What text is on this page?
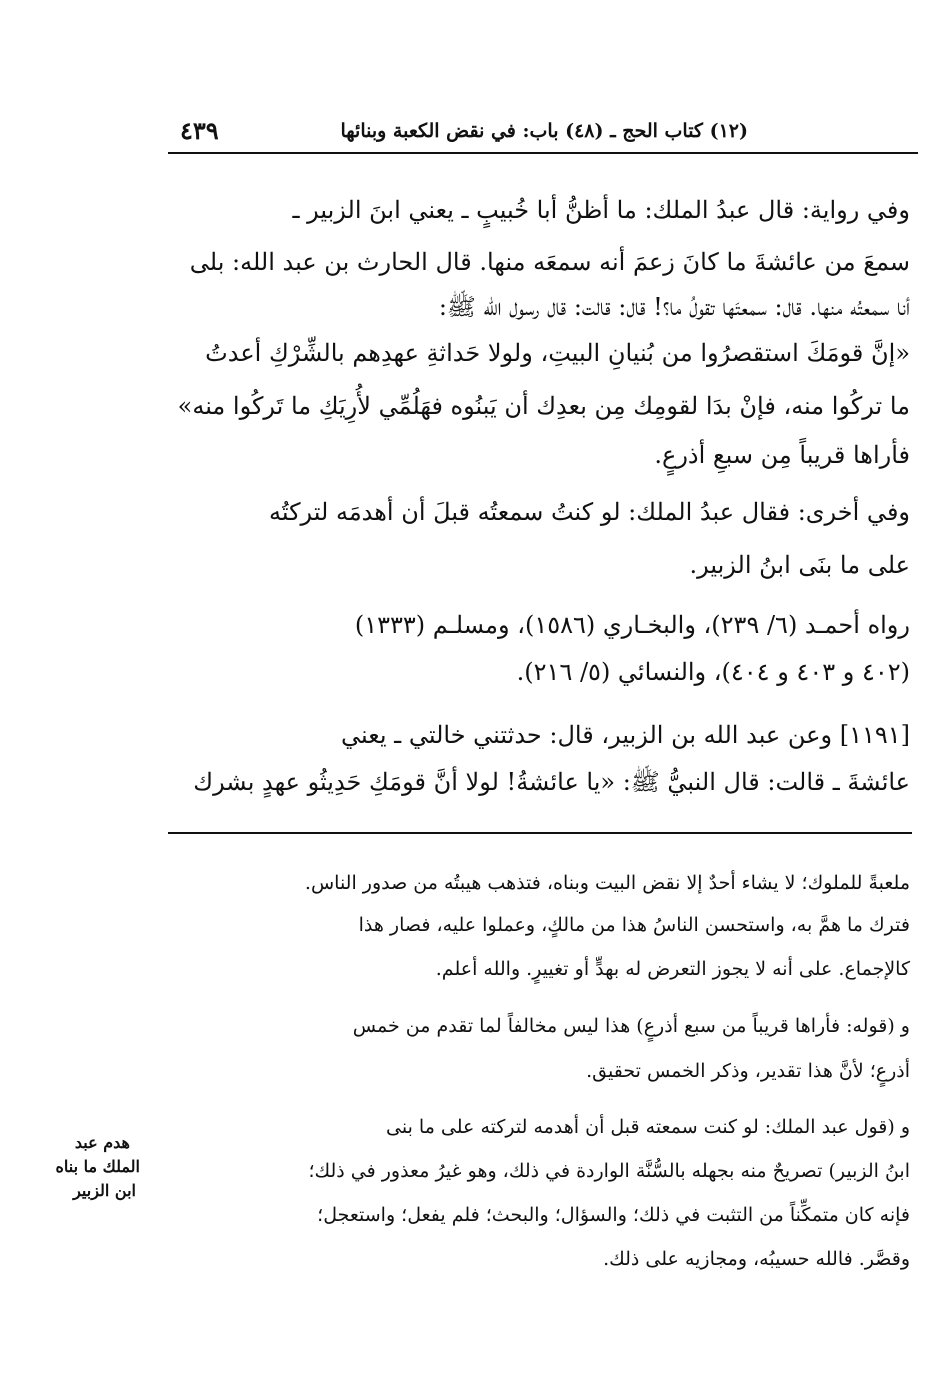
٤٣٩	(١٢) كتاب الحج ـ (٤٨) باب: في نقض الكعبة وبنائها
وفي رواية: قال عبدُ الملك: ما أظنُّ أبا خُبيبٍ ـ يعني ابنَ الزبير ـ
سمعَ من عائشةَ ما كانَ زعمَ أنه سمعَه منها. قال الحارث بن عبد الله: بلى
أنا سمعتُه منها. قال: سمعتَها تقولُ ما؟! قال: قالت: قال رسول الله ﷺ:
«إنَّ قومَكَ استقصرُوا من بُنيانِ البيتِ، ولولا حَداثةِ عهدِهم بالشِّرْكِ أعدتُ
ما تركُوا منه، فإنْ بدَا لقومِك مِن بعدِك أن يَبنُوه فهَلُمِّي لأُرِيَكِ ما تَركُوا منه»
فأراها قريباً مِن سبعِ أذرعٍ.
وفي أخرى: فقال عبدُ الملك: لو كنتُ سمعتُه قبلَ أن أهدمَه لتركتُه
على ما بنَى ابنُ الزبير.
رواه أحمـد (٦/ ٢٣٩)، والبخـاري (١٥٨٦)، ومسلـم (١٣٣٣)
(٤٠٢ و ٤٠٣ و ٤٠٤)، والنسائي (٥/ ٢١٦).
[١١٩١] وعن عبد الله بن الزبير، قال: حدثتني خالتي ـ يعني
عائشةَ ـ قالت: قال النبيُّ ﷺ: «يا عائشةُ! لولا أنَّ قومَكِ حَدِيثُو عهدٍ بشرك
ملعبةً للملوك؛ لا يشاء أحدٌ إلا نقض البيت وبناه، فتذهب هيبتُه من صدور الناس.
فترك ما همَّ به، واستحسن الناسُ هذا من مالكٍ، وعملوا عليه، فصار هذا
كالإجماع. على أنه لا يجوز التعرض له بهدٍّ أو تغييرٍ. والله أعلم.
و (قوله: فأراها قريباً من سبع أذرعٍ) هذا ليس مخالفاً لما تقدم من خمس
أذرعٍ؛ لأنَّ هذا تقدير، وذكر الخمس تحقيق.
و (قول عبد الملك: لو كنت سمعته قبل أن أهدمه لتركته على ما بنى
ابنُ الزبير) تصريحٌ منه بجهله بالسُّنَّة الواردة في ذلك، وهو غيرُ معذور في ذلك؛
فإنه كان متمكِّناً من التثبت في ذلك؛ والسؤال؛ والبحث؛ فلم يفعل؛ واستعجل؛
وقصَّر. فالله حسيبُه، ومجازيه على ذلك.
هدم عبد
الملك ما بناه
ابن الزبير
